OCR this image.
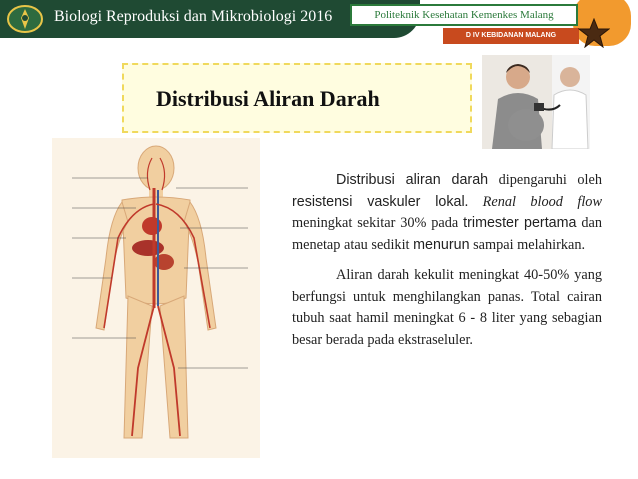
Biologi Reproduksi dan Mikrobiologi 2016	Politeknik Kesehatan Kemenkes Malang
D IV KEBIDANAN MALANG
Distribusi Aliran Darah

Distribusi aliran darah dipengaruhi oleh resistensi vaskuler lokal. Renal blood flow meningkat sekitar 30% pada trimester pertama dan menetap atau sedikit menurun sampai melahirkan.

Aliran darah kekulit meningkat 40-50% yang berfungsi untuk menghilangkan panas. Total cairan tubuh saat hamil meningkat 6 - 8 liter yang sebagian besar berada pada ekstraseluler.
